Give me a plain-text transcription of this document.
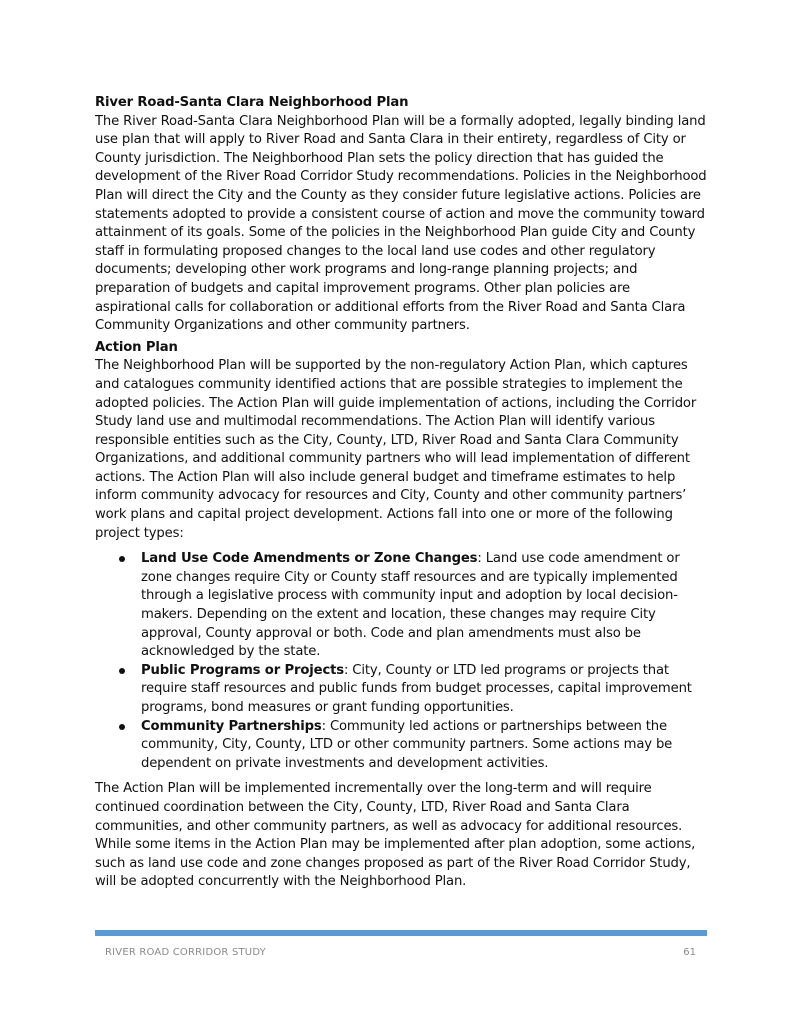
River Road-Santa Clara Neighborhood Plan

The River Road-Santa Clara Neighborhood Plan will be a formally adopted, legally binding land use plan that will apply to River Road and Santa Clara in their entirety, regardless of City or County jurisdiction. The Neighborhood Plan sets the policy direction that has guided the development of the River Road Corridor Study recommendations. Policies in the Neighborhood Plan will direct the City and the County as they consider future legislative actions. Policies are statements adopted to provide a consistent course of action and move the community toward attainment of its goals. Some of the policies in the Neighborhood Plan guide City and County staff in formulating proposed changes to the local land use codes and other regulatory documents; developing other work programs and long-range planning projects; and preparation of budgets and capital improvement programs. Other plan policies are aspirational calls for collaboration or additional efforts from the River Road and Santa Clara Community Organizations and other community partners.

Action Plan

The Neighborhood Plan will be supported by the non-regulatory Action Plan, which captures and catalogues community identified actions that are possible strategies to implement the adopted policies. The Action Plan will guide implementation of actions, including the Corridor Study land use and multimodal recommendations. The Action Plan will identify various responsible entities such as the City, County, LTD, River Road and Santa Clara Community Organizations, and additional community partners who will lead implementation of different actions. The Action Plan will also include general budget and timeframe estimates to help inform community advocacy for resources and City, County and other community partners’ work plans and capital project development. Actions fall into one or more of the following project types:

Land Use Code Amendments or Zone Changes: Land use code amendment or zone changes require City or County staff resources and are typically implemented through a legislative process with community input and adoption by local decision-makers. Depending on the extent and location, these changes may require City approval, County approval or both. Code and plan amendments must also be acknowledged by the state.
Public Programs or Projects: City, County or LTD led programs or projects that require staff resources and public funds from budget processes, capital improvement programs, bond measures or grant funding opportunities.
Community Partnerships: Community led actions or partnerships between the community, City, County, LTD or other community partners. Some actions may be dependent on private investments and development activities.

The Action Plan will be implemented incrementally over the long-term and will require continued coordination between the City, County, LTD, River Road and Santa Clara communities, and other community partners, as well as advocacy for additional resources. While some items in the Action Plan may be implemented after plan adoption, some actions, such as land use code and zone changes proposed as part of the River Road Corridor Study, will be adopted concurrently with the Neighborhood Plan.

RIVER ROAD CORRIDOR STUDY	61
